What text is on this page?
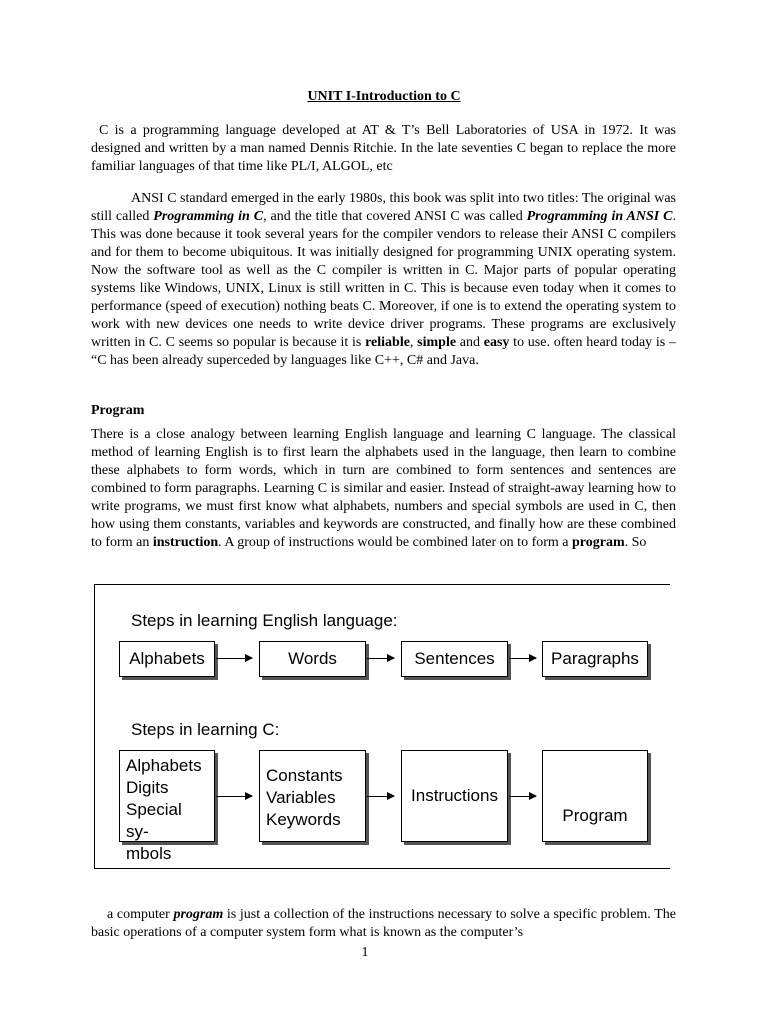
UNIT I-Introduction to C

C is a programming language developed at AT & T’s Bell Laboratories of USA in 1972. It was designed and written by a man named Dennis Ritchie. In the late seventies C began to replace the more familiar languages of that time like PL/I, ALGOL, etc

ANSI C standard emerged in the early 1980s, this book was split into two titles: The original was still called Programming in C, and the title that covered ANSI C was called Programming in ANSI C. This was done because it took several years for the compiler vendors to release their ANSI C compilers and for them to become ubiquitous. It was initially designed for programming UNIX operating system. Now the software tool as well as the C compiler is written in C. Major parts of popular operating systems like Windows, UNIX, Linux is still written in C. This is because even today when it comes to performance (speed of execution) nothing beats C. Moreover, if one is to extend the operating system to work with new devices one needs to write device driver programs. These programs are exclusively written in C. C seems so popular is because it is reliable, simple and easy to use. often heard today is – “C has been already superceded by languages like C++, C# and Java.

Program

There is a close analogy between learning English language and learning C language. The classical method of learning English is to first learn the alphabets used in the language, then learn to combine these alphabets to form words, which in turn are combined to form sentences and sentences are combined to form paragraphs. Learning C is similar and easier. Instead of straight-away learning how to write programs, we must first know what alphabets, numbers and special symbols are used in C, then how using them constants, variables and keywords are constructed, and finally how are these combined to form an instruction. A group of instructions would be combined later on to form a program. So

Steps in learning English language:
Alphabets	Words	Sentences	Paragraphs
Steps in learning C:
Alphabets
Digits
Special sy-
mbols
Constants
Variables
Keywords
Instructions
Program

a computer program is just a collection of the instructions necessary to solve a specific problem. The basic operations of a computer system form what is known as the computer’s

1
